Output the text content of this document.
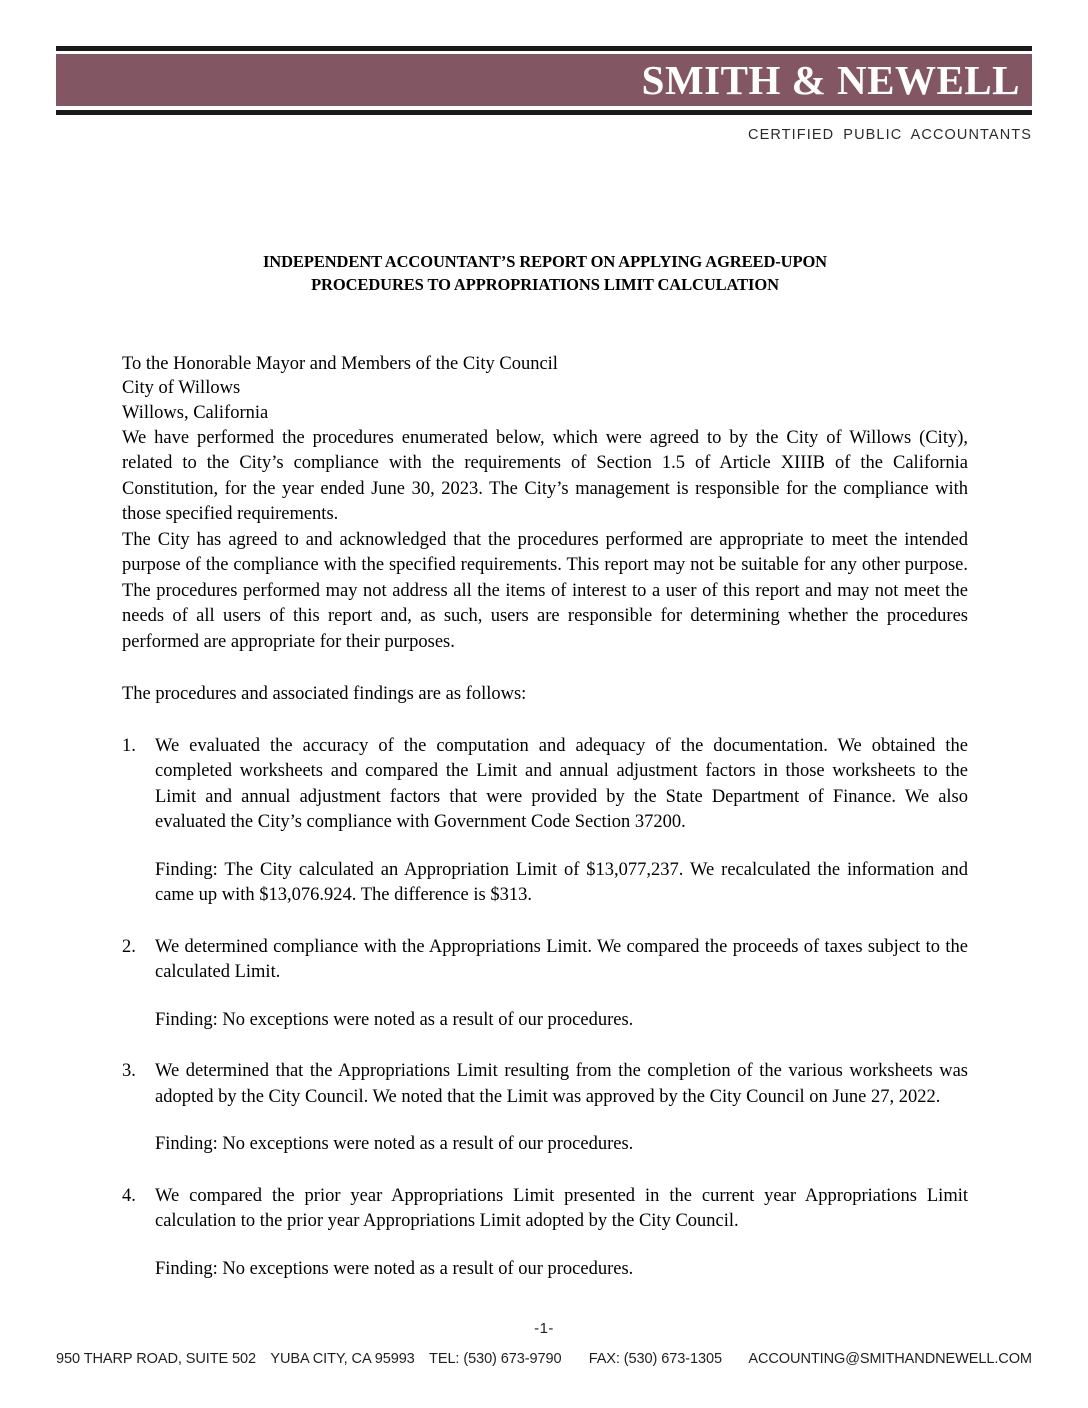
SMITH & NEWELL
CERTIFIED PUBLIC ACCOUNTANTS
INDEPENDENT ACCOUNTANT’S REPORT ON APPLYING AGREED-UPON
PROCEDURES TO APPROPRIATIONS LIMIT CALCULATION
To the Honorable Mayor and Members of the City Council
City of Willows
Willows, California

We have performed the procedures enumerated below, which were agreed to by the City of Willows (City), related to the City’s compliance with the requirements of Section 1.5 of Article XIIIB of the California Constitution, for the year ended June 30, 2023. The City’s management is responsible for the compliance with those specified requirements.

The City has agreed to and acknowledged that the procedures performed are appropriate to meet the intended purpose of the compliance with the specified requirements. This report may not be suitable for any other purpose. The procedures performed may not address all the items of interest to a user of this report and may not meet the needs of all users of this report and, as such, users are responsible for determining whether the procedures performed are appropriate for their purposes.

The procedures and associated findings are as follows:
1.	We evaluated the accuracy of the computation and adequacy of the documentation. We obtained the completed worksheets and compared the Limit and annual adjustment factors in those worksheets to the Limit and annual adjustment factors that were provided by the State Department of Finance. We also evaluated the City’s compliance with Government Code Section 37200.

Finding: The City calculated an Appropriation Limit of $13,077,237. We recalculated the information and came up with $13,076.924. The difference is $313.

2.	We determined compliance with the Appropriations Limit. We compared the proceeds of taxes subject to the calculated Limit.

Finding: No exceptions were noted as a result of our procedures.

3.	We determined that the Appropriations Limit resulting from the completion of the various worksheets was adopted by the City Council. We noted that the Limit was approved by the City Council on June 27, 2022.

Finding: No exceptions were noted as a result of our procedures.

4.	We compared the prior year Appropriations Limit presented in the current year Appropriations Limit calculation to the prior year Appropriations Limit adopted by the City Council.

Finding: No exceptions were noted as a result of our procedures.

-1-
950 THARP ROAD, SUITE 502 YUBA CITY, CA 95993 TEL: (530) 673-9790 FAX: (530) 673-1305 ACCOUNTING@SMITHANDNEWELL.COM
